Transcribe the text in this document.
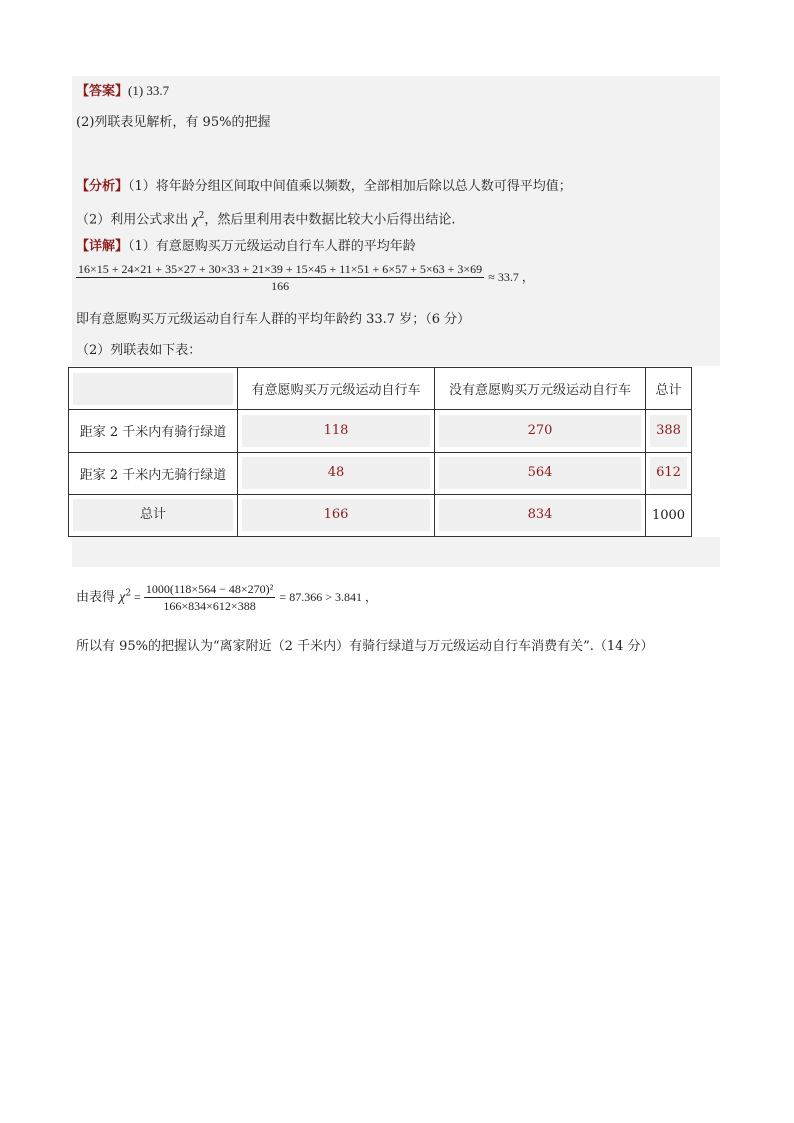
【答案】(1) 33.7
(2)列联表见解析，有 95%的把握
【分析】（1）将年龄分组区间取中间值乘以频数，全部相加后除以总人数可得平均值；
（2）利用公式求出 $\chi^2$，然后里利用表中数据比较大小后得出结论.
【详解】（1）有意愿购买万元级运动自行车人群的平均年龄
16×15 + 24×21 + 35×27 + 30×33 + 21×39 + 15×45 + 11×51 + 6×57 + 5×63 + 3×69
166
≈ 33.7 ，
即有意愿购买万元级运动自行车人群的平均年龄约 33.7 岁；（6 分）
（2）列联表如下表：
	有意愿购买万元级运动自行车	没有意愿购买万元级运动自行车	总计
距家 2 千米内有骑行绿道	118	270	388

距家 2 千米内无骑行绿道	48	564	612

总计	166	834	1000
由表得 $\chi^2 = \frac{\text{1000(118×564 − 48×270)²}}{166\times 834\times 612\times 388} = 87.366 > 3.841$ ，
所以有 95%的把握认为“离家附近（2 千米内）有骑行绿道与万元级运动自行车消费有关”.（14 分）
